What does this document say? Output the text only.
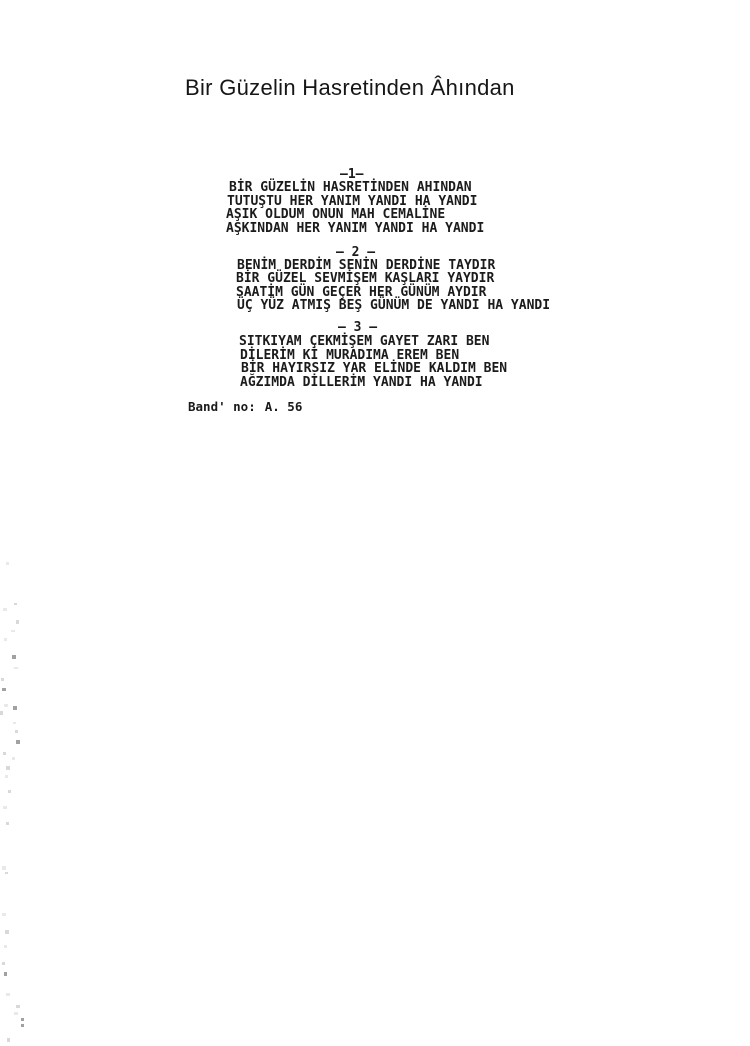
Bir Güzelin Hasretinden Âhından
—1—
BİR GÜZELİN HASRETİNDEN AHINDAN
TUTUŞTU HER YANIM YANDI HA YANDI
AŞIK OLDUM ONUN MAH CEMALİNE
AŞKINDAN HER YANIM YANDI HA YANDI
— 2 —
BENİM DERDİM SENİN DERDİNE TAYDIR
BİR GÜZEL SEVMİŞEM KAŞLARI YAYDIR
SAATİM GÜN GEÇER HER GÜNÜM AYDIR
ÜÇ YÜZ ATMIŞ BEŞ GÜNÜM DE YANDI HA YANDI
— 3 —
SITKIYAM ÇEKMİŞEM GAYET ZARI BEN
DİLERİM Kİ MURADIMA EREM BEN
BİR HAYIRSIZ YAR ELİNDE KALDIM BEN
AĞZIMDA DİLLERİM YANDI HA YANDI
Band' no: A. 56
